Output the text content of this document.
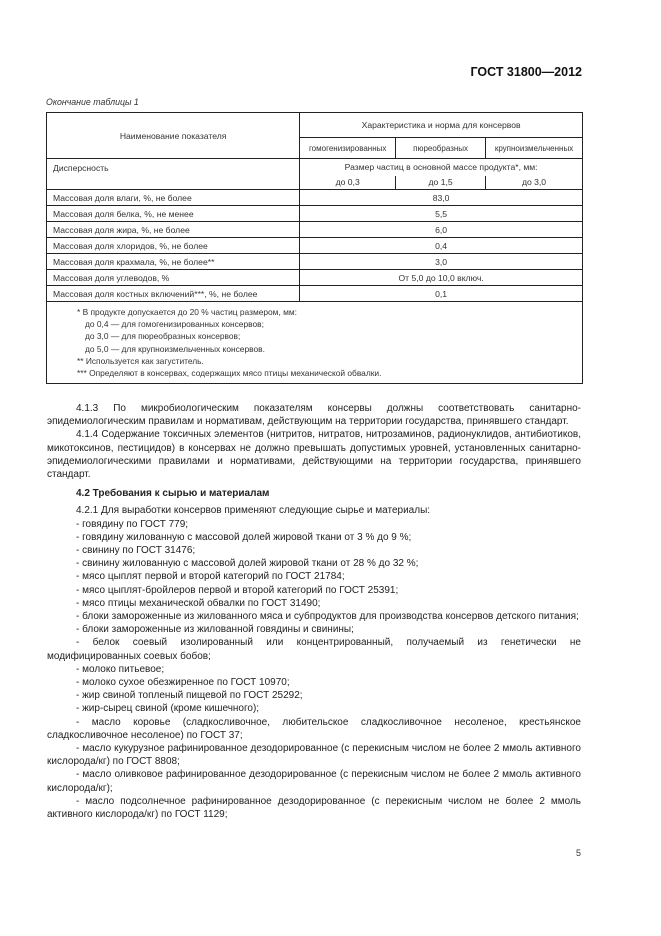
ГОСТ 31800—2012
Окончание таблицы 1
Наименование показателя	Характеристика и норма для консервов		
	гомогенизированных	пюреобразных	крупноизмельченных
Дисперсность	Размер частиц в основной массе продукта*, мм:		
	до 0,3	до 1,5	до 3,0
Массовая доля влаги, %, не более	83,0		
Массовая доля белка, %, не менее	5,5		
Массовая доля жира, %, не более	6,0		
Массовая доля хлоридов, %, не более	0,4		
Массовая доля крахмала, %, не более**	3,0		
Массовая доля углеводов, %	От 5,0 до 10,0 включ.		
Массовая доля костных включений***, %, не более	0,1		

* В продукте допускается до 20 % частиц размером, мм:
до 0,4 — для гомогенизированных консервов;
до 3,0 — для пюреобразных консервов;
до 5,0 — для крупноизмельченных консервов.
** Используется как загуститель.
*** Определяют в консервах, содержащих мясо птицы механической обвалки.

4.1.3 По микробиологическим показателям консервы должны соответствовать санитарно-эпидемиологическим правилам и нормативам, действующим на территории государства, принявшего стандарт.

4.1.4 Содержание токсичных элементов (нитритов, нитратов, нитрозаминов, радионуклидов, антибиотиков, микотоксинов, пестицидов) в консервах не должно превышать допустимых уровней, установленных санитарно-эпидемиологическими правилами и нормативами, действующими на территории государства, принявшего стандарт.

4.2 Требования к сырью и материалам

4.2.1 Для выработки консервов применяют следующие сырье и материалы:

- говядину по ГОСТ 779;

- говядину жилованную с массовой долей жировой ткани от 3 % до 9 %;

- свинину по ГОСТ 31476;

- свинину жилованную с массовой долей жировой ткани от 28 % до 32 %;

- мясо цыплят первой и второй категорий по ГОСТ 21784;

- мясо цыплят-бройлеров первой и второй категорий по ГОСТ 25391;

- мясо птицы механической обвалки по ГОСТ 31490;

- блоки замороженные из жилованного мяса и субпродуктов для производства консервов детского питания;

- блоки замороженные из жилованной говядины и свинины;

- белок соевый изолированный или концентрированный, получаемый из генетически не модифицированных соевых бобов;

- молоко питьевое;

- молоко сухое обезжиренное по ГОСТ 10970;

- жир свиной топленый пищевой по ГОСТ 25292;

- жир-сырец свиной (кроме кишечного);

- масло коровье (сладкосливочное, любительское сладкосливочное несоленое, крестьянское сладкосливочное несоленое) по ГОСТ 37;

- масло кукурузное рафинированное дезодорированное (с перекисным числом не более 2 ммоль активного кислорода/кг) по ГОСТ 8808;

- масло оливковое рафинированное дезодорированное (с перекисным числом не более 2 ммоль активного кислорода/кг);

- масло подсолнечное рафинированное дезодорированное (с перекисным числом не более 2 ммоль активного кислорода/кг) по ГОСТ 1129;

5
